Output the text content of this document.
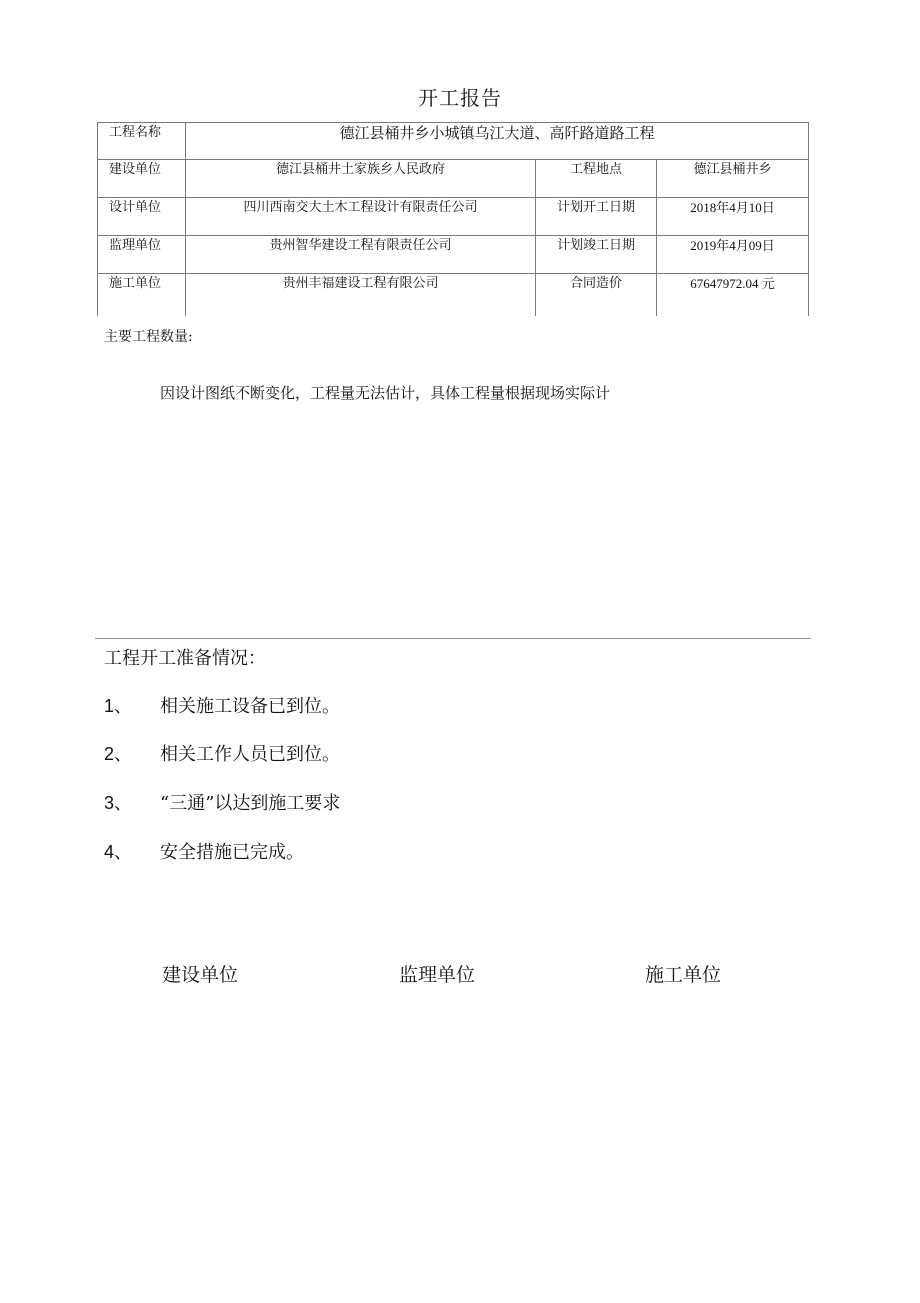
开工报告
工程名称	德江县桶井乡小城镇乌江大道、高阡路道路工程		
建设单位	德江县桶井土家族乡人民政府	工程地点	德江县桶井乡
设计单位	四川西南交大土木工程设计有限责任公司	计划开工日期	2018年4月10日
监理单位	贵州智华建设工程有限责任公司	计划竣工日期	2019年4月09日
施工单位	贵州丰福建设工程有限公司	合同造价	67647972.04 元
主要工程数量:
因设计图纸不断变化，工程量无法估计，具体工程量根据现场实际计
工程开工准备情况：
1、 相关施工设备已到位。
2、 相关工作人员已到位。
3、 “三通”以达到施工要求
4、 安全措施已完成。
建设单位	监理单位	施工单位
